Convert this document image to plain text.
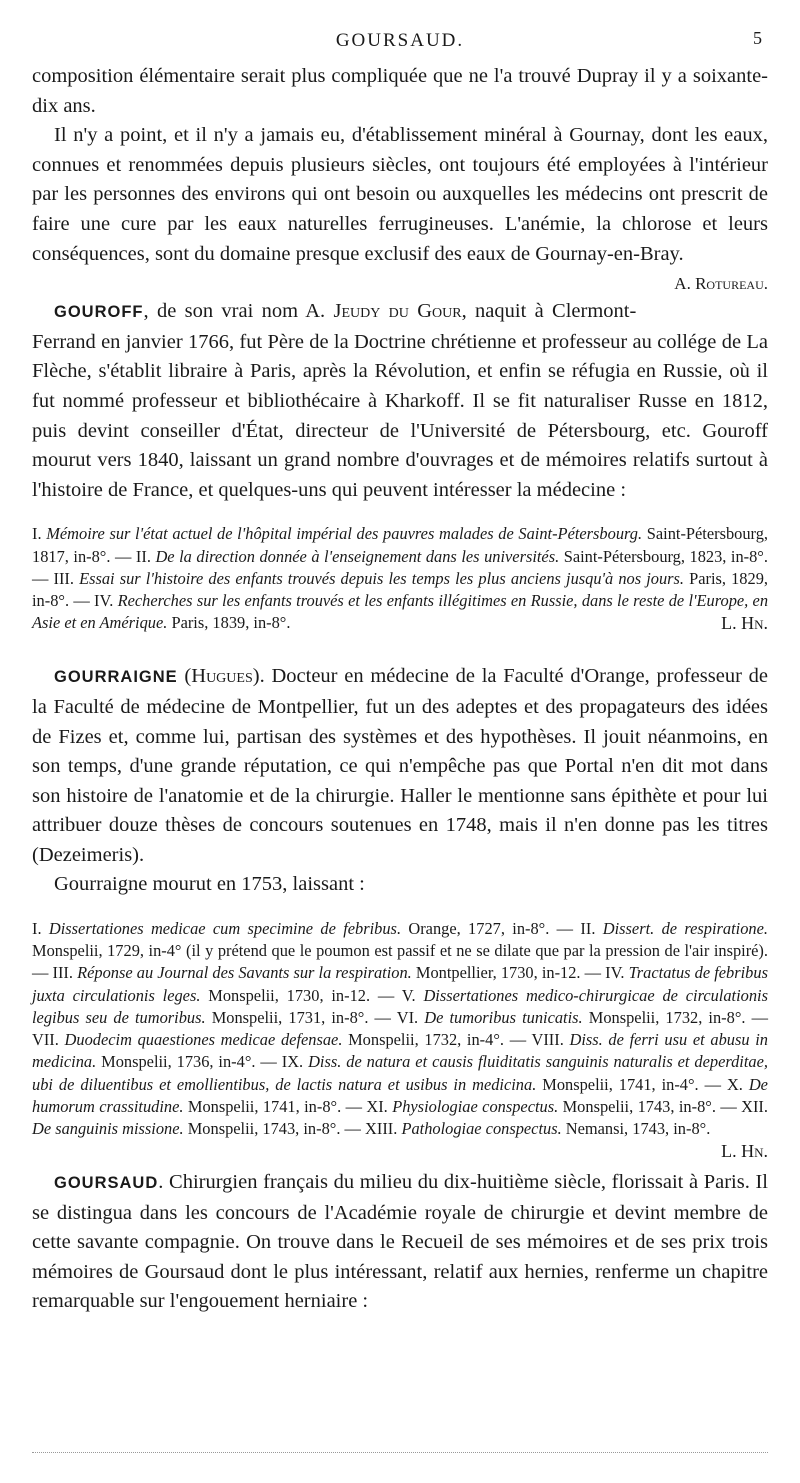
GOURSAUD.	5

composition élémentaire serait plus compliquée que ne l'a trouvé Dupray il y a soixante-dix ans.

Il n'y a point, et il n'y a jamais eu, d'établissement minéral à Gournay, dont les eaux, connues et renommées depuis plusieurs siècles, ont toujours été employées à l'intérieur par les personnes des environs qui ont besoin ou auxquelles les médecins ont prescrit de faire une cure par les eaux naturelles ferrugineuses. L'anémie, la chlorose et leurs conséquences, sont du domaine presque exclusif des eaux de Gournay-en-Bray.
A. Rotureau.

GOUROFF, de son vrai nom A. Jeudy du Gour, naquit à Clermont-Ferrand en janvier 1766, fut Père de la Doctrine chrétienne et professeur au collége de La Flèche, s'établit libraire à Paris, après la Révolution, et enfin se réfugia en Russie, où il fut nommé professeur et bibliothécaire à Kharkoff. Il se fit naturaliser Russe en 1812, puis devint conseiller d'État, directeur de l'Université de Pétersbourg, etc. Gouroff mourut vers 1840, laissant un grand nombre d'ouvrages et de mémoires relatifs surtout à l'histoire de France, et quelques-uns qui peuvent intéresser la médecine :

I. Mémoire sur l'état actuel de l'hôpital impérial des pauvres malades de Saint-Pétersbourg. Saint-Pétersbourg, 1817, in-8°. — II. De la direction donnée à l'enseignement dans les universités. Saint-Pétersbourg, 1823, in-8°. — III. Essai sur l'histoire des enfants trouvés depuis les temps les plus anciens jusqu'à nos jours. Paris, 1829, in-8°. — IV. Recherches sur les enfants trouvés et les enfants illégitimes en Russie, dans le reste de l'Europe, en Asie et en Amérique. Paris, 1839, in-8°.	L. Hn.

GOURRAIGNE (Hugues). Docteur en médecine de la Faculté d'Orange, professeur de la Faculté de médecine de Montpellier, fut un des adeptes et des propagateurs des idées de Fizes et, comme lui, partisan des systèmes et des hypothèses. Il jouit néanmoins, en son temps, d'une grande réputation, ce qui n'empêche pas que Portal n'en dit mot dans son histoire de l'anatomie et de la chirurgie. Haller le mentionne sans épithète et pour lui attribuer douze thèses de concours soutenues en 1748, mais il n'en donne pas les titres (Dezeimeris).

Gourraigne mourut en 1753, laissant :

I. Dissertationes medicae cum specimine de febribus. Orange, 1727, in-8°. — II. Dissert. de respiratione. Monspelii, 1729, in-4° (il y prétend que le poumon est passif et ne se dilate que par la pression de l'air inspiré). — III. Réponse au Journal des Savants sur la respiration. Montpellier, 1730, in-12. — IV. Tractatus de febribus juxta circulationis leges. Monspelii, 1730, in-12. — V. Dissertationes medico-chirurgicae de circulationis legibus seu de tumoribus. Monspelii, 1731, in-8°. — VI. De tumoribus tunicatis. Monspelii, 1732, in-8°. — VII. Duodecim quaestiones medicae defensae. Monspelii, 1732, in-4°. — VIII. Diss. de ferri usu et abusu in medicina. Monspelii, 1736, in-4°. — IX. Diss. de natura et causis fluiditatis sanguinis naturalis et deperditae, ubi de diluentibus et emollientibus, de lactis natura et usibus in medicina. Monspelii, 1741, in-4°. — X. De humorum crassitudine. Monspelii, 1741, in-8°. — XI. Physiologiae conspectus. Monspelii, 1743, in-8°. — XII. De sanguinis missione. Monspelii, 1743, in-8°. — XIII. Pathologiae conspectus. Nemansi, 1743, in-8°.
L. Hn.

GOURSAUD. Chirurgien français du milieu du dix-huitième siècle, florissait à Paris. Il se distingua dans les concours de l'Académie royale de chirurgie et devint membre de cette savante compagnie. On trouve dans le Recueil de ses mémoires et de ses prix trois mémoires de Goursaud dont le plus intéressant, relatif aux hernies, renferme un chapitre remarquable sur l'engouement herniaire :
